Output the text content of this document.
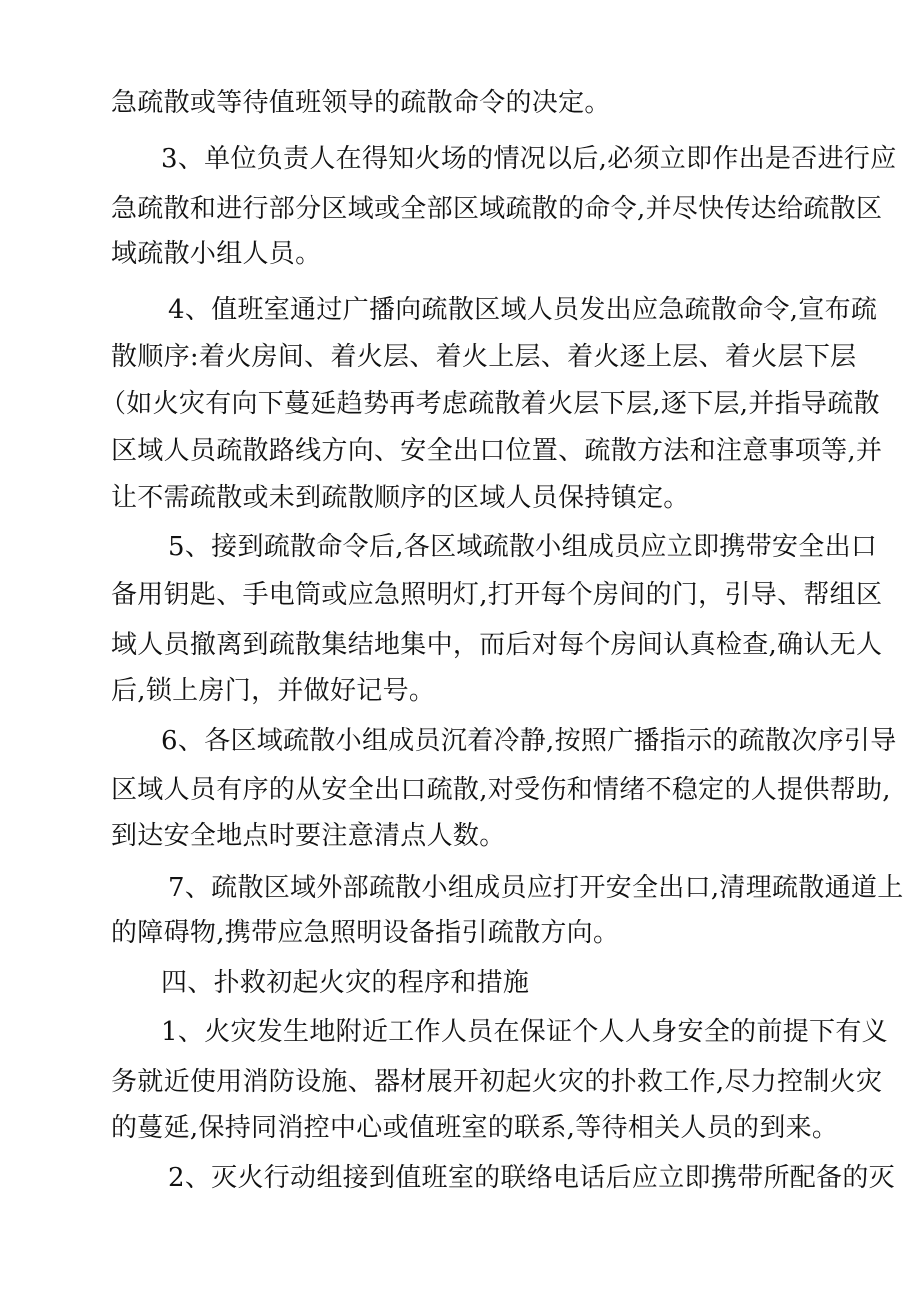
急疏散或等待值班领导的疏散命令的决定。
3、单位负责人在得知火场的情况以后,必须立即作出是否进行应
急疏散和进行部分区域或全部区域疏散的命令,并尽快传达给疏散区
域疏散小组人员。
4、值班室通过广播向疏散区域人员发出应急疏散命令,宣布疏
散顺序:着火房间、着火层、着火上层、着火逐上层、着火层下层
（如火灾有向下蔓延趋势再考虑疏散着火层下层,逐下层,并指导疏散
区域人员疏散路线方向、安全出口位置、疏散方法和注意事项等,并
让不需疏散或未到疏散顺序的区域人员保持镇定。
5、接到疏散命令后,各区域疏散小组成员应立即携带安全出口
备用钥匙、手电筒或应急照明灯,打开每个房间的门，引导、帮组区
域人员撤离到疏散集结地集中，而后对每个房间认真检查,确认无人
后,锁上房门，并做好记号。
6、各区域疏散小组成员沉着冷静,按照广播指示的疏散次序引导
区域人员有序的从安全出口疏散,对受伤和情绪不稳定的人提供帮助,
到达安全地点时要注意清点人数。
7、疏散区域外部疏散小组成员应打开安全出口,清理疏散通道上
的障碍物,携带应急照明设备指引疏散方向。
四、扑救初起火灾的程序和措施
1、火灾发生地附近工作人员在保证个人人身安全的前提下有义
务就近使用消防设施、器材展开初起火灾的扑救工作,尽力控制火灾
的蔓延,保持同消控中心或值班室的联系,等待相关人员的到来。
2、灭火行动组接到值班室的联络电话后应立即携带所配备的灭
